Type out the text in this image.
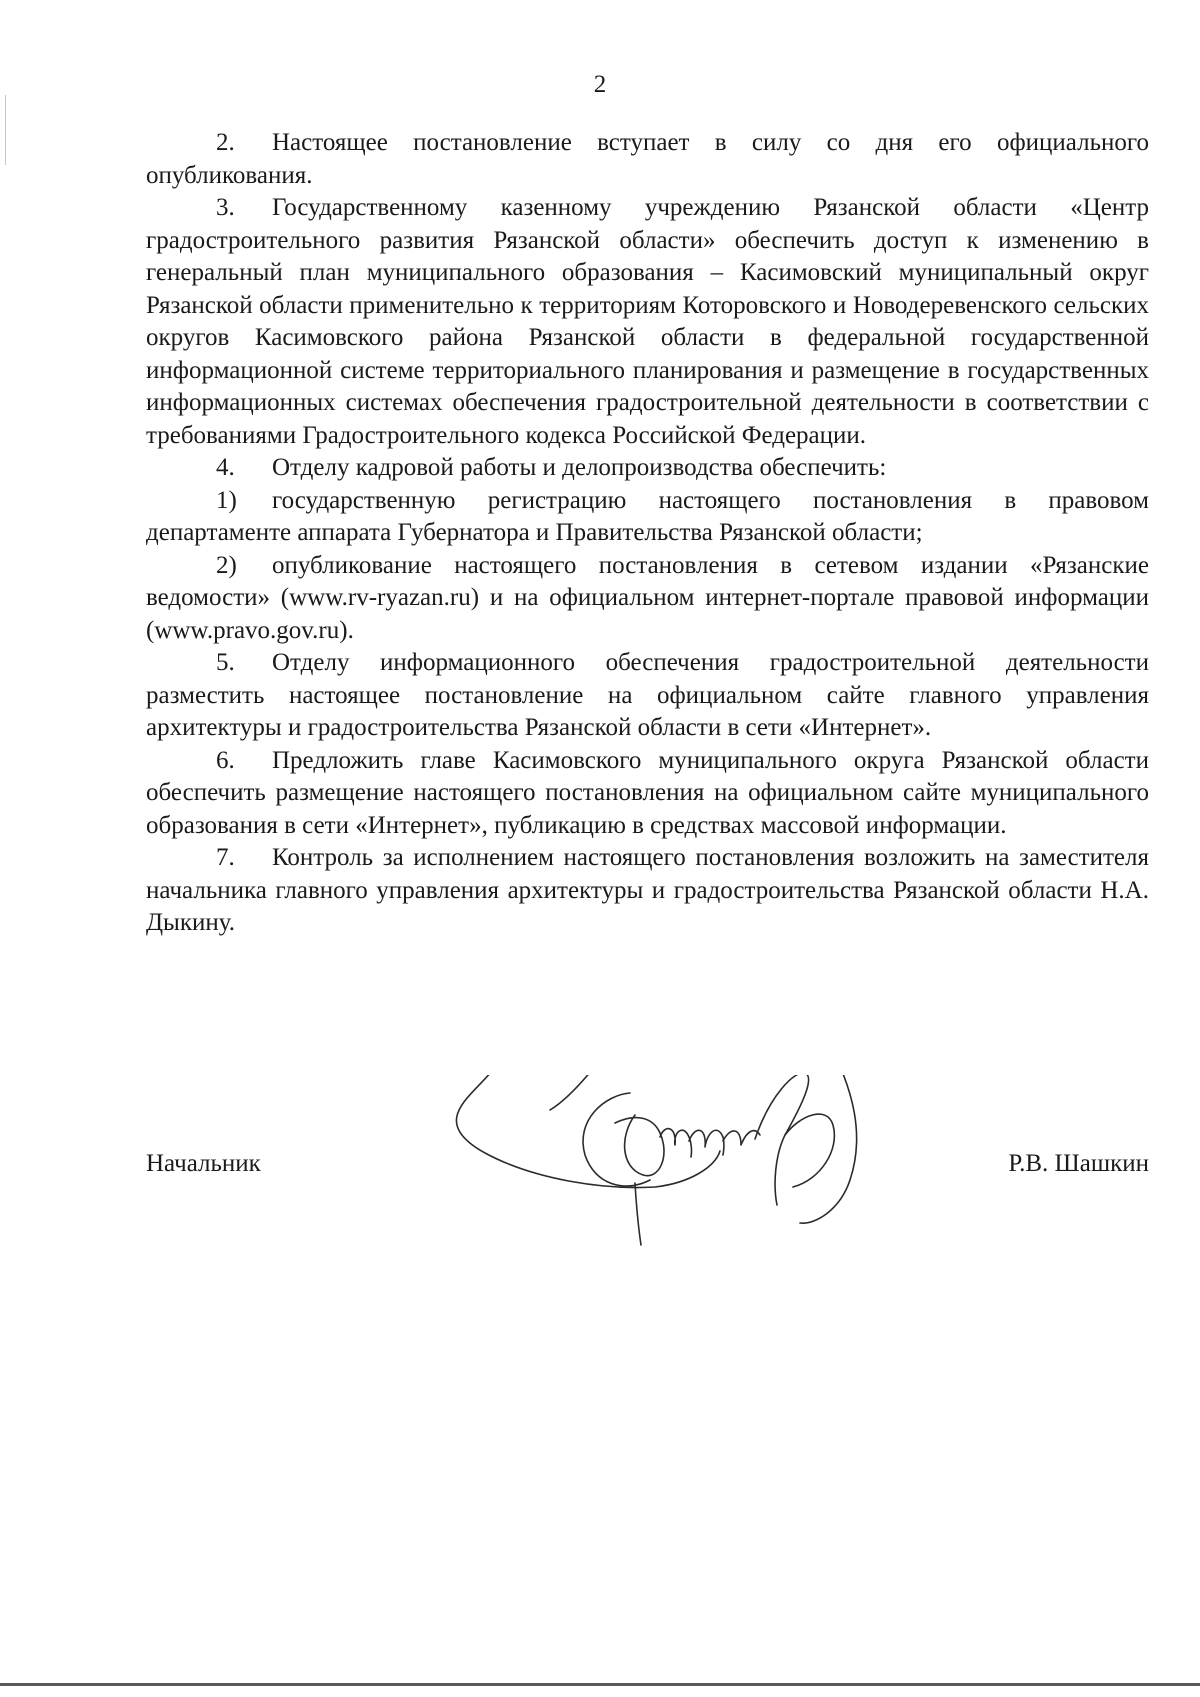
2

2. Настоящее постановление вступает в силу со дня его официального опубликования.

3. Государственному казенному учреждению Рязанской области «Центр градостроительного развития Рязанской области» обеспечить доступ к изменению в генеральный план муниципального образования – Касимовский муниципальный округ Рязанской области применительно к территориям Которовского и Новодеревенского сельских округов Касимовского района Рязанской области в федеральной государственной информационной системе территориального планирования и размещение в государственных информационных системах обеспечения градостроительной деятельности в соответствии с требованиями Градостроительного кодекса Российской Федерации.

4. Отделу кадровой работы и делопроизводства обеспечить:

1) государственную регистрацию настоящего постановления в правовом департаменте аппарата Губернатора и Правительства Рязанской области;

2) опубликование настоящего постановления в сетевом издании «Рязанские ведомости» (www.rv-ryazan.ru) и на официальном интернет-портале правовой информации (www.pravo.gov.ru).

5. Отделу информационного обеспечения градостроительной деятельности разместить настоящее постановление на официальном сайте главного управления архитектуры и градостроительства Рязанской области в сети «Интернет».

6. Предложить главе Касимовского муниципального округа Рязанской области обеспечить размещение настоящего постановления на официальном сайте муниципального образования в сети «Интернет», публикацию в средствах массовой информации.

7. Контроль за исполнением настоящего постановления возложить на заместителя начальника главного управления архитектуры и градостроительства Рязанской области Н.А. Дыкину.

Начальник	Р.В. Шашкин
